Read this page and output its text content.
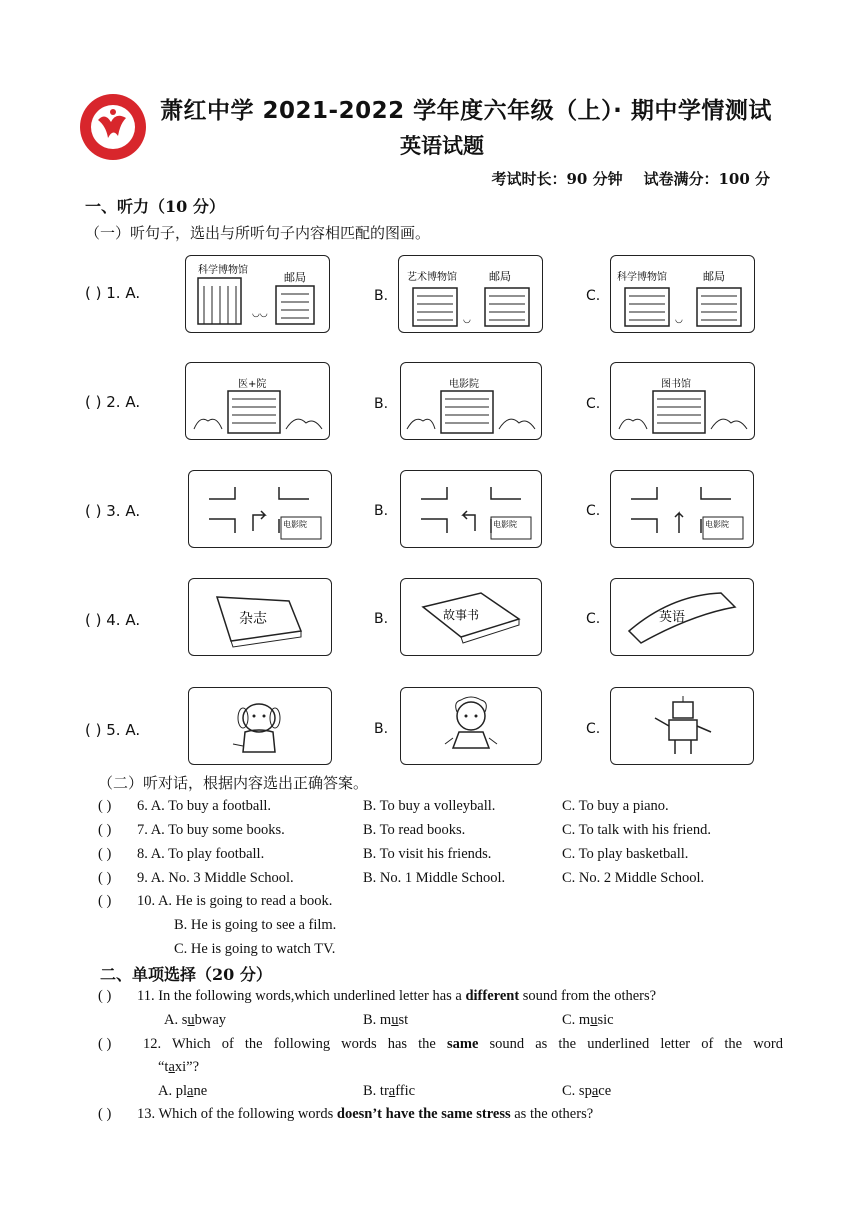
萧红中学 2021-2022 学年度六年级（上）· 期中学情测试
英语试题
考试时长：90 分钟    试卷满分：100 分
一、听力（10 分）
（一）听句子，选出与所听句子内容相匹配的图画。
( ) 1. A.
科学博物馆
邮局
◡◡
B.
艺术博物馆	邮局
◡
C.
科学博物馆	邮局
◡
( ) 2. A.
医+院
B.
电影院
C.
图书馆
( ) 3. A.
电影院
B.
电影院
C.
电影院
( ) 4. A.	杂志	B.	故事书	C.	英语
( ) 5. A.	B.	C.
（二）听对话，根据内容选出正确答案。
( ) 6. A. To buy a football.	B. To buy a volleyball.	C. To buy a piano.
( ) 7. A. To buy some books.	B. To read books.	C. To talk with his friend.
( ) 8. A. To play football.	B. To visit his friends.	C. To play basketball.
( ) 9. A. No. 3 Middle School.	B. No. 1 Middle School.	C. No. 2 Middle School.
( ) 10. A. He is going to read a book.
B. He is going to see a film.
C. He is going to watch TV.
二、单项选择（20 分）
( ) 11. In the following words,which underlined letter has a different sound from the others?
A. subway	B. must	C. music
( ) 12. Which of the following words has the same sound as the underlined letter of the word
“taxi”?
A. plane	B. traffic	C. space
( ) 13. Which of the following words doesn’t have the same stress as the others?
